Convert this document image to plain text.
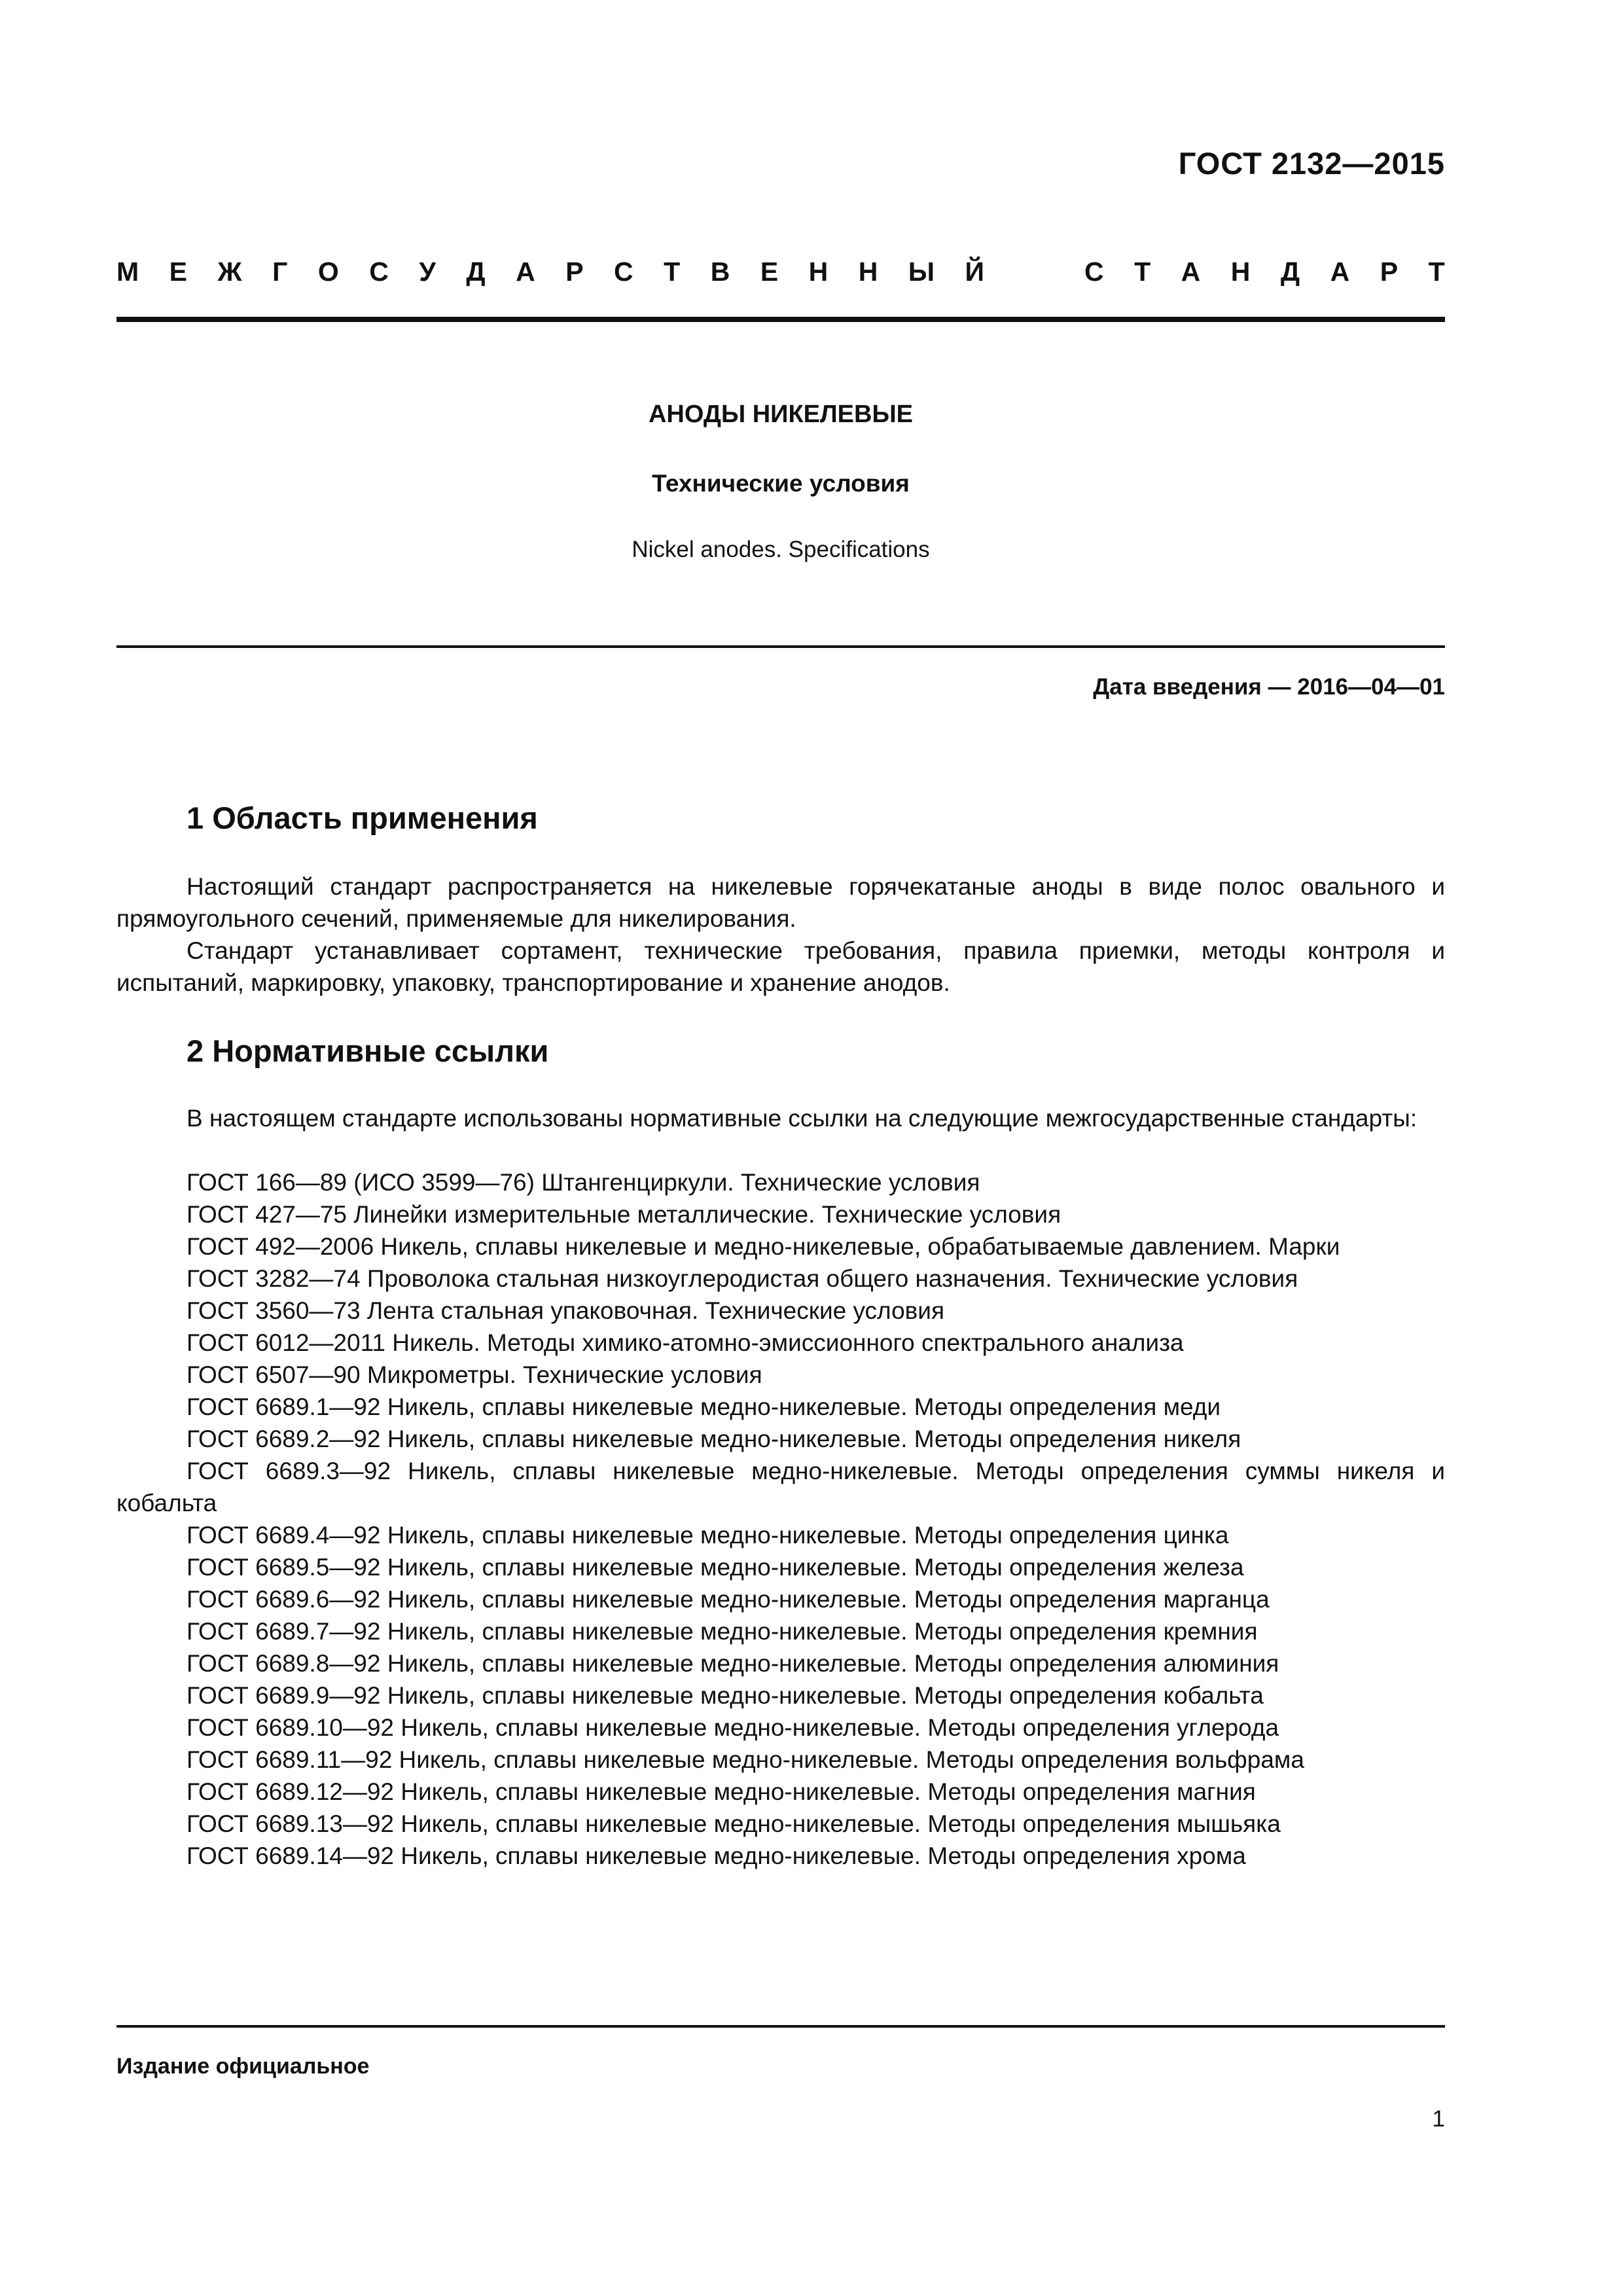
ГОСТ 2132—2015
М Е Ж Г О С У Д А Р С Т В Е Н Н Ы Й	С Т А Н Д А Р Т
АНОДЫ НИКЕЛЕВЫЕ
Технические условия
Nickel anodes. Specifications
Дата введения — 2016—04—01
1 Область применения

Настоящий стандарт распространяется на никелевые горячекатаные аноды в виде полос овального и прямоугольного сечений, применяемые для никелирования.

Стандарт устанавливает сортамент, технические требования, правила приемки, методы контроля и испытаний, маркировку, упаковку, транспортирование и хранение анодов.

2 Нормативные ссылки

В настоящем стандарте использованы нормативные ссылки на следующие межгосударственные стандарты:

ГОСТ 166—89 (ИСО 3599—76) Штангенциркули. Технические условия

ГОСТ 427—75 Линейки измерительные металлические. Технические условия

ГОСТ 492—2006 Никель, сплавы никелевые и медно-никелевые, обрабатываемые давлением. Марки

ГОСТ 3282—74 Проволока стальная низкоуглеродистая общего назначения. Технические условия

ГОСТ 3560—73 Лента стальная упаковочная. Технические условия

ГОСТ 6012—2011 Никель. Методы химико-атомно-эмиссионного спектрального анализа

ГОСТ 6507—90 Микрометры. Технические условия

ГОСТ 6689.1—92 Никель, сплавы никелевые медно-никелевые. Методы определения меди

ГОСТ 6689.2—92 Никель, сплавы никелевые медно-никелевые. Методы определения никеля

ГОСТ 6689.3—92 Никель, сплавы никелевые медно-никелевые. Методы определения суммы никеля и кобальта

ГОСТ 6689.4—92 Никель, сплавы никелевые медно-никелевые. Методы определения цинка

ГОСТ 6689.5—92 Никель, сплавы никелевые медно-никелевые. Методы определения железа

ГОСТ 6689.6—92 Никель, сплавы никелевые медно-никелевые. Методы определения марганца

ГОСТ 6689.7—92 Никель, сплавы никелевые медно-никелевые. Методы определения кремния

ГОСТ 6689.8—92 Никель, сплавы никелевые медно-никелевые. Методы определения алюминия

ГОСТ 6689.9—92 Никель, сплавы никелевые медно-никелевые. Методы определения кобальта

ГОСТ 6689.10—92 Никель, сплавы никелевые медно-никелевые. Методы определения углерода

ГОСТ 6689.11—92 Никель, сплавы никелевые медно-никелевые. Методы определения вольфрама

ГОСТ 6689.12—92 Никель, сплавы никелевые медно-никелевые. Методы определения магния

ГОСТ 6689.13—92 Никель, сплавы никелевые медно-никелевые. Методы определения мышьяка

ГОСТ 6689.14—92 Никель, сплавы никелевые медно-никелевые. Методы определения хрома

Издание официальное
1
